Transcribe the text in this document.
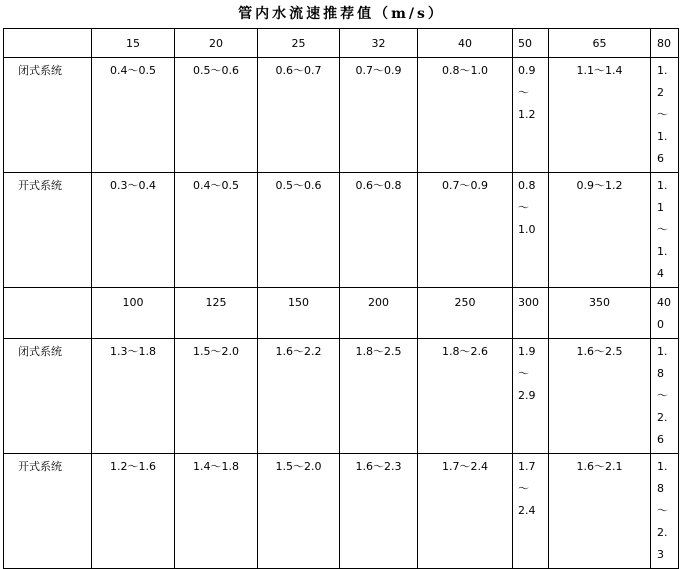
管内水流速推荐值（m/s）
	15	20	25	32	40	50	65	80

闭式系统	0.4～0.5	0.5～0.6	0.6～0.7	0.7～0.9	0.8～1.0	0.9
～
1.2	1.1～1.4	1.
2
～
1.
6

开式系统	0.3～0.4	0.4～0.5	0.5～0.6	0.6～0.8	0.7～0.9	0.8
～
1.0	0.9～1.2	1.
1
～
1.
4

	100	125	150	200	250	300	350	40
0

闭式系统	1.3～1.8	1.5～2.0	1.6～2.2	1.8～2.5	1.8～2.6	1.9
～
2.9	1.6～2.5	1.
8
～
2.
6

开式系统	1.2～1.6	1.4～1.8	1.5～2.0	1.6～2.3	1.7～2.4	1.7
～
2.4	1.6～2.1	1.
8
～
2.
3
